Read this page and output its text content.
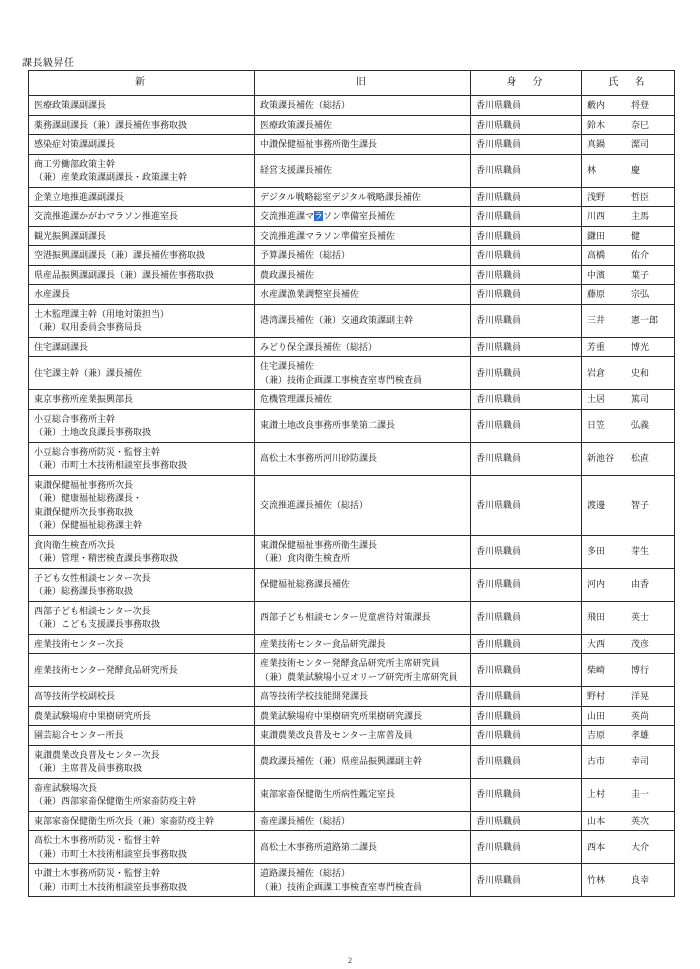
課長級昇任
新	旧	身　分	氏　名

医療政策課副課長	政策課長補佐（総括）	香川県職員	藪内 将登

薬務課副課長（兼）課長補佐事務取扱	医療政策課長補佐	香川県職員	鈴木 奈巳

感染症対策課副課長	中讃保健福祉事務所衛生課長	香川県職員	真鍋 潔司

商工労働部政策主幹
（兼）産業政策課副課長・政策課主幹	経営支援課長補佐	香川県職員	林 慶

企業立地推進課副課長	デジタル戦略総室デジタル戦略課長補佐	香川県職員	浅野 哲臣

交流推進課かがわマラソン推進室長	交流推進課マラソン準備室長補佐	香川県職員	川西 主馬

観光振興課副課長	交流推進課マラソン準備室長補佐	香川県職員	鎌田 健

空港振興課副課長（兼）課長補佐事務取扱	予算課長補佐（総括）	香川県職員	高橋 佑介

県産品振興課副課長（兼）課長補佐事務取扱	農政課長補佐	香川県職員	中濱 葉子

水産課長	水産課漁業調整室長補佐	香川県職員	藤原 宗弘

土木監理課主幹（用地対策担当）
（兼）収用委員会事務局長	港湾課長補佐（兼）交通政策課副主幹	香川県職員	三井 憲一郎

住宅課副課長	みどり保全課長補佐（総括）	香川県職員	芳重 博光

住宅課主幹（兼）課長補佐	住宅課長補佐
（兼）技術企画課工事検査室専門検査員	香川県職員	岩倉 史和

東京事務所産業振興部長	危機管理課長補佐	香川県職員	土居 篤司

小豆総合事務所主幹
（兼）土地改良課長事務取扱	東讃土地改良事務所事業第二課長	香川県職員	日笠 弘義

小豆総合事務所防災・監督主幹
（兼）市町土木技術相談室長事務取扱	高松土木事務所河川砂防課長	香川県職員	新池谷 松直

東讃保健福祉事務所次長
（兼）健康福祉総務課長・
東讃保健所次長事務取扱
（兼）保健福祉総務課主幹	交流推進課長補佐（総括）	香川県職員	渡邊 智子

食肉衛生検査所次長
（兼）管理・精密検査課長事務取扱	東讃保健福祉事務所衛生課長
（兼）食肉衛生検査所	香川県職員	多田 芽生

子ども女性相談センター次長
（兼）総務課長事務取扱	保健福祉総務課長補佐	香川県職員	河内 由香

西部子ども相談センター次長
（兼）こども支援課長事務取扱	西部子ども相談センター児童虐待対策課長	香川県職員	飛田 英士

産業技術センター次長	産業技術センター食品研究課長	香川県職員	大西 茂彦

産業技術センター発酵食品研究所長	産業技術センター発酵食品研究所主席研究員
（兼）農業試験場小豆オリーブ研究所主席研究員	香川県職員	柴崎 博行

高等技術学校副校長	高等技術学校技能開発課長	香川県職員	野村 洋晃

農業試験場府中果樹研究所長	農業試験場府中果樹研究所果樹研究課長	香川県職員	山田 英尚

園芸総合センター所長	東讃農業改良普及センター主席普及員	香川県職員	吉原 孝雄

東讃農業改良普及センター次長
（兼）主席普及員事務取扱	農政課長補佐（兼）県産品振興課副主幹	香川県職員	古市 幸司

畜産試験場次長
（兼）西部家畜保健衛生所家畜防疫主幹	東部家畜保健衛生所病性鑑定室長	香川県職員	上村 圭一

東部家畜保健衛生所次長（兼）家畜防疫主幹	畜産課長補佐（総括）	香川県職員	山本 英次

高松土木事務所防災・監督主幹
（兼）市町土木技術相談室長事務取扱	高松土木事務所道路第二課長	香川県職員	西本 大介

中讃土木事務所防災・監督主幹
（兼）市町土木技術相談室長事務取扱	道路課長補佐（総括）
（兼）技術企画課工事検査室専門検査員	香川県職員	竹林 良幸
2
